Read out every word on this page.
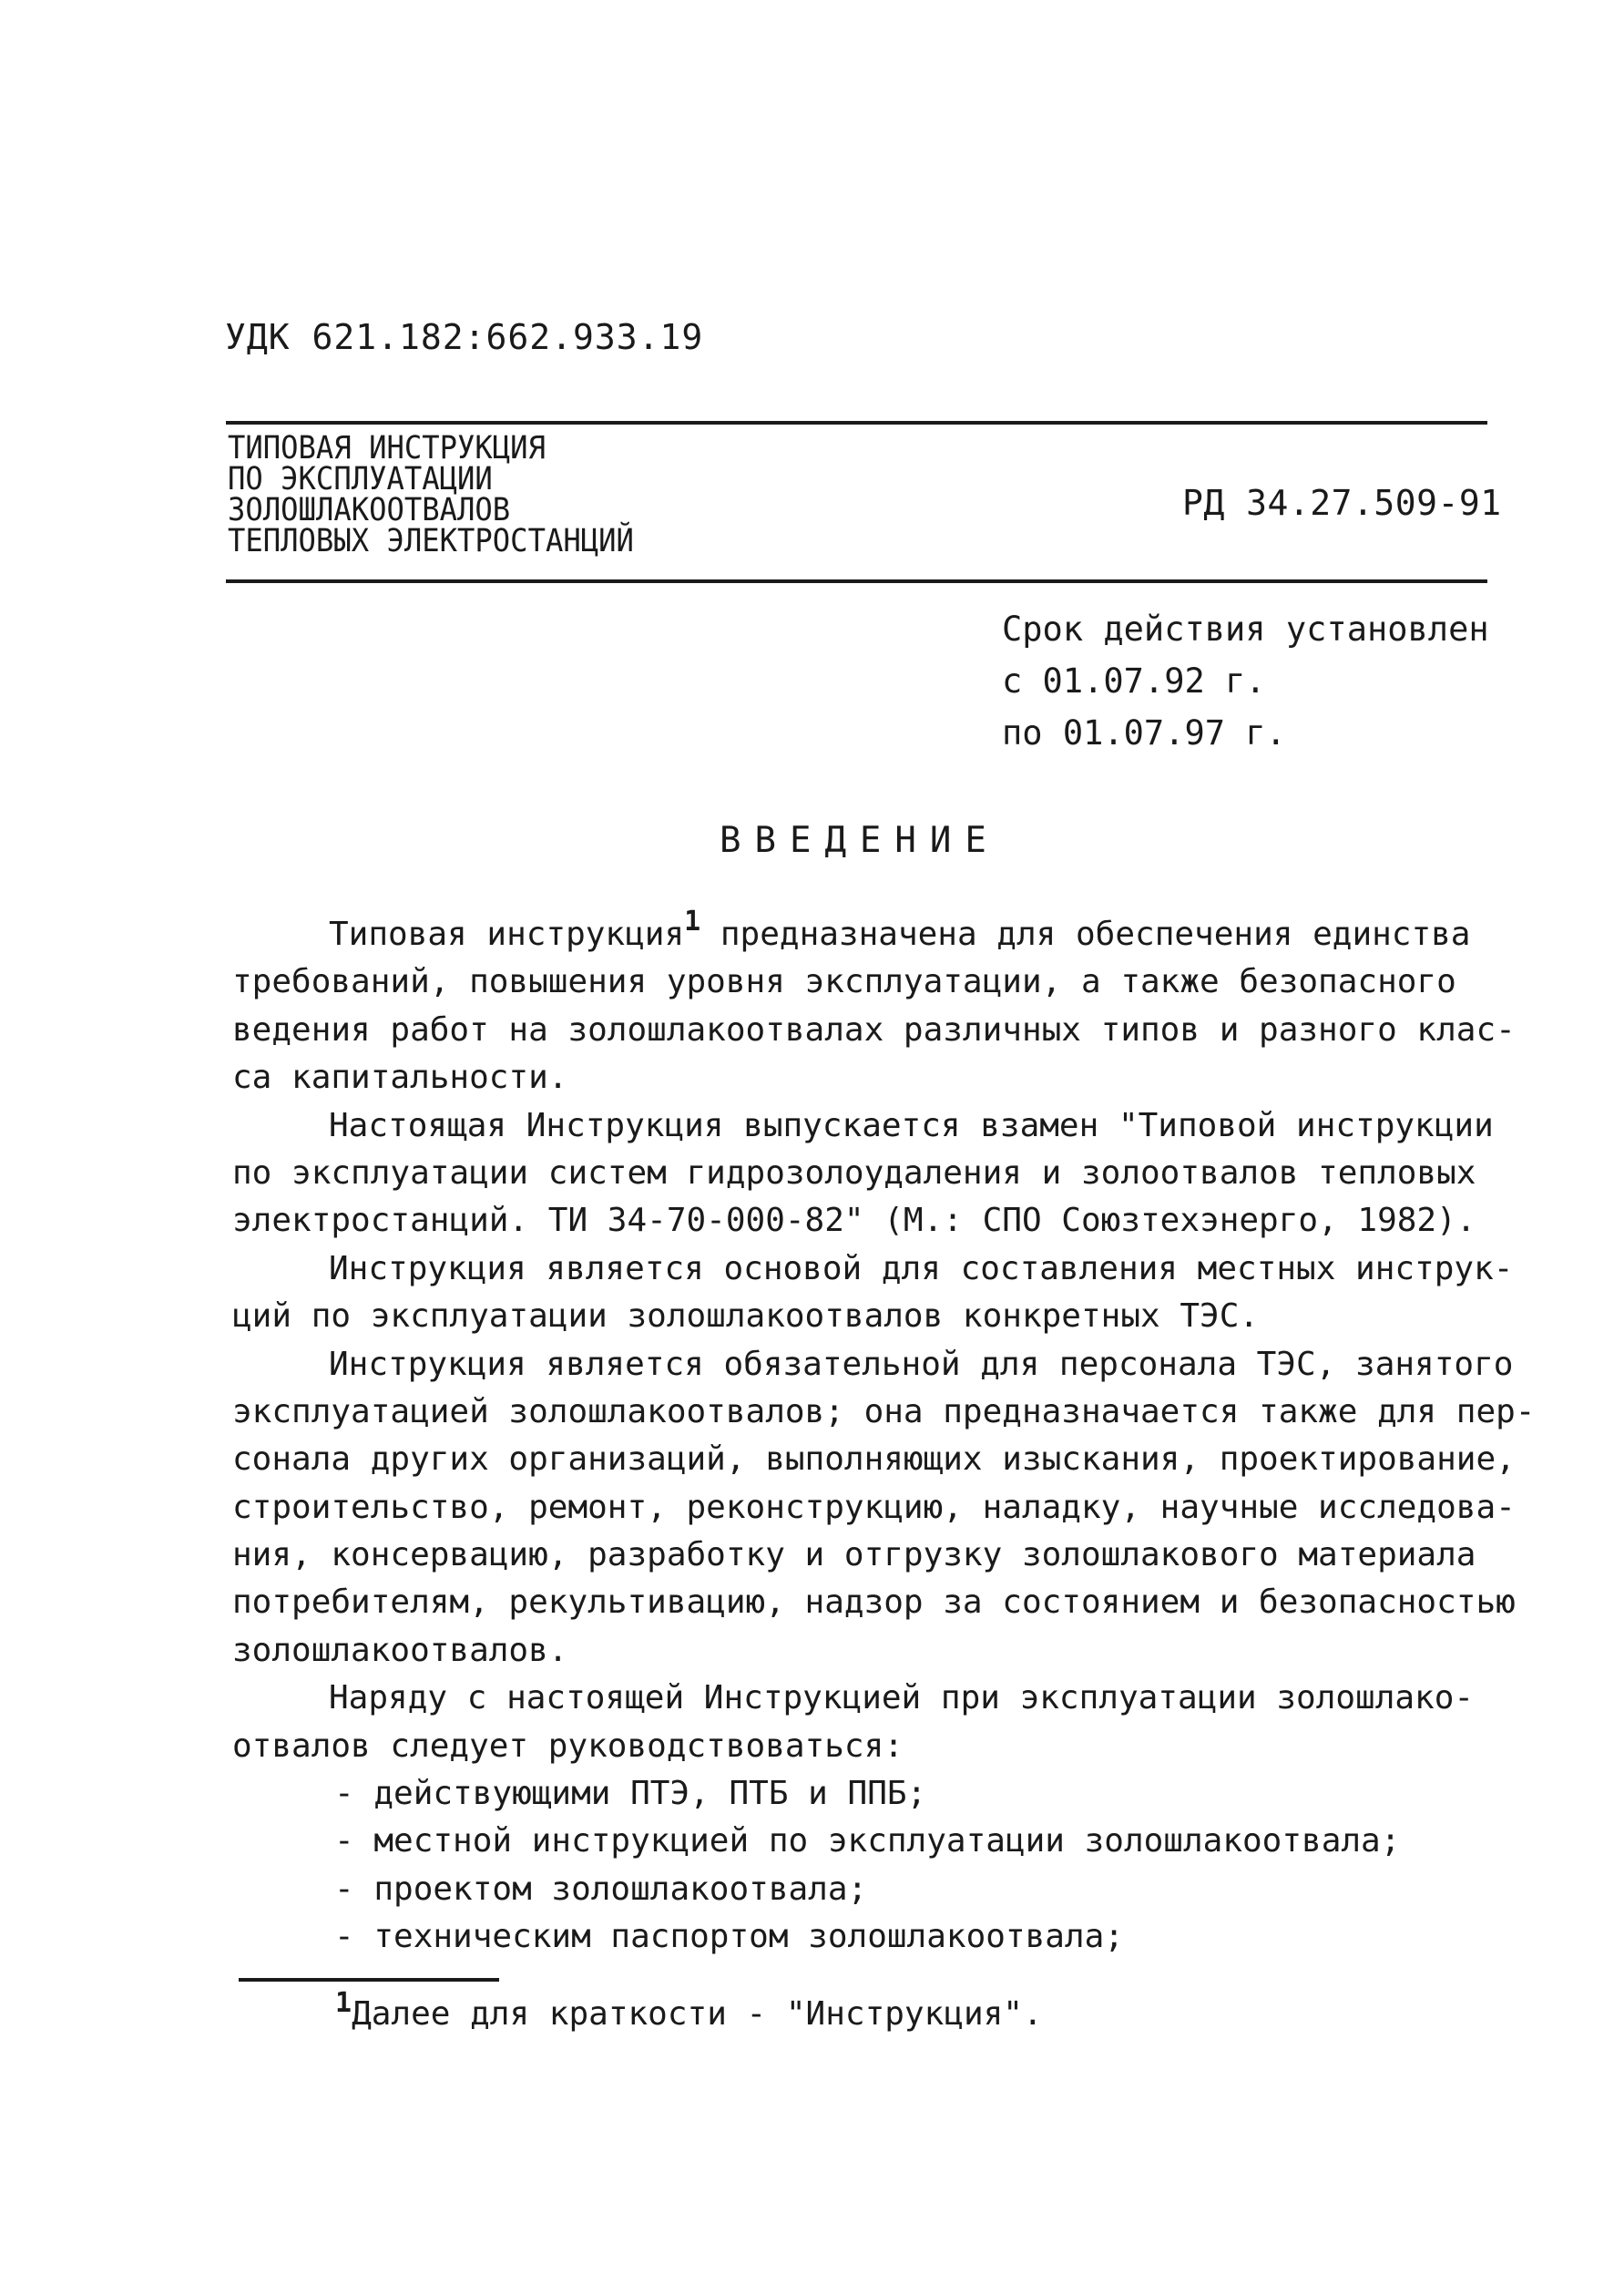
УДК 621.182:662.933.19
ТИПОВАЯ ИНСТРУКЦИЯ
ПО ЭКСПЛУАТАЦИИ
ЗОЛОШЛАКООТВАЛОВ
ТЕПЛОВЫХ ЭЛЕКТРОСТАНЦИЙ
РД 34.27.509-91
Срок действия установлен
с 01.07.92 г.
по 01.07.97 г.
ВВЕДЕНИЕ
Типовая инструкция$^1$ предназначена для обеспечения единства
требований, повышения уровня эксплуатации, а также безопасного
ведения работ на золошлакоотвалах различных типов и разного клас-
са капитальности.
Настоящая Инструкция выпускается взамен "Типовой инструкции
по эксплуатации систем гидрозолоудаления и золоотвалов тепловых
электростанций. ТИ 34-70-000-82" (М.: СПО Союзтехэнерго, 1982).
Инструкция является основой для составления местных инструк-
ций по эксплуатации золошлакоотвалов конкретных ТЭС.
Инструкция является обязательной для персонала ТЭС, занятого
эксплуатацией золошлакоотвалов; она предназначается также для пер-
сонала других организаций, выполняющих изыскания, проектирование,
строительство, ремонт, реконструкцию, наладку, научные исследова-
ния, консервацию, разработку и отгрузку золошлакового материала
потребителям, рекультивацию, надзор за состоянием и безопасностью
золошлакоотвалов.
Наряду с настоящей Инструкцией при эксплуатации золошлако-
отвалов следует руководствоваться:
- действующими ПТЭ, ПТБ и ППБ;
- местной инструкцией по эксплуатации золошлакоотвала;
- проектом золошлакоотвала;
- техническим паспортом золошлакоотвала;
$^1$Далее для краткости - "Инструкция".
